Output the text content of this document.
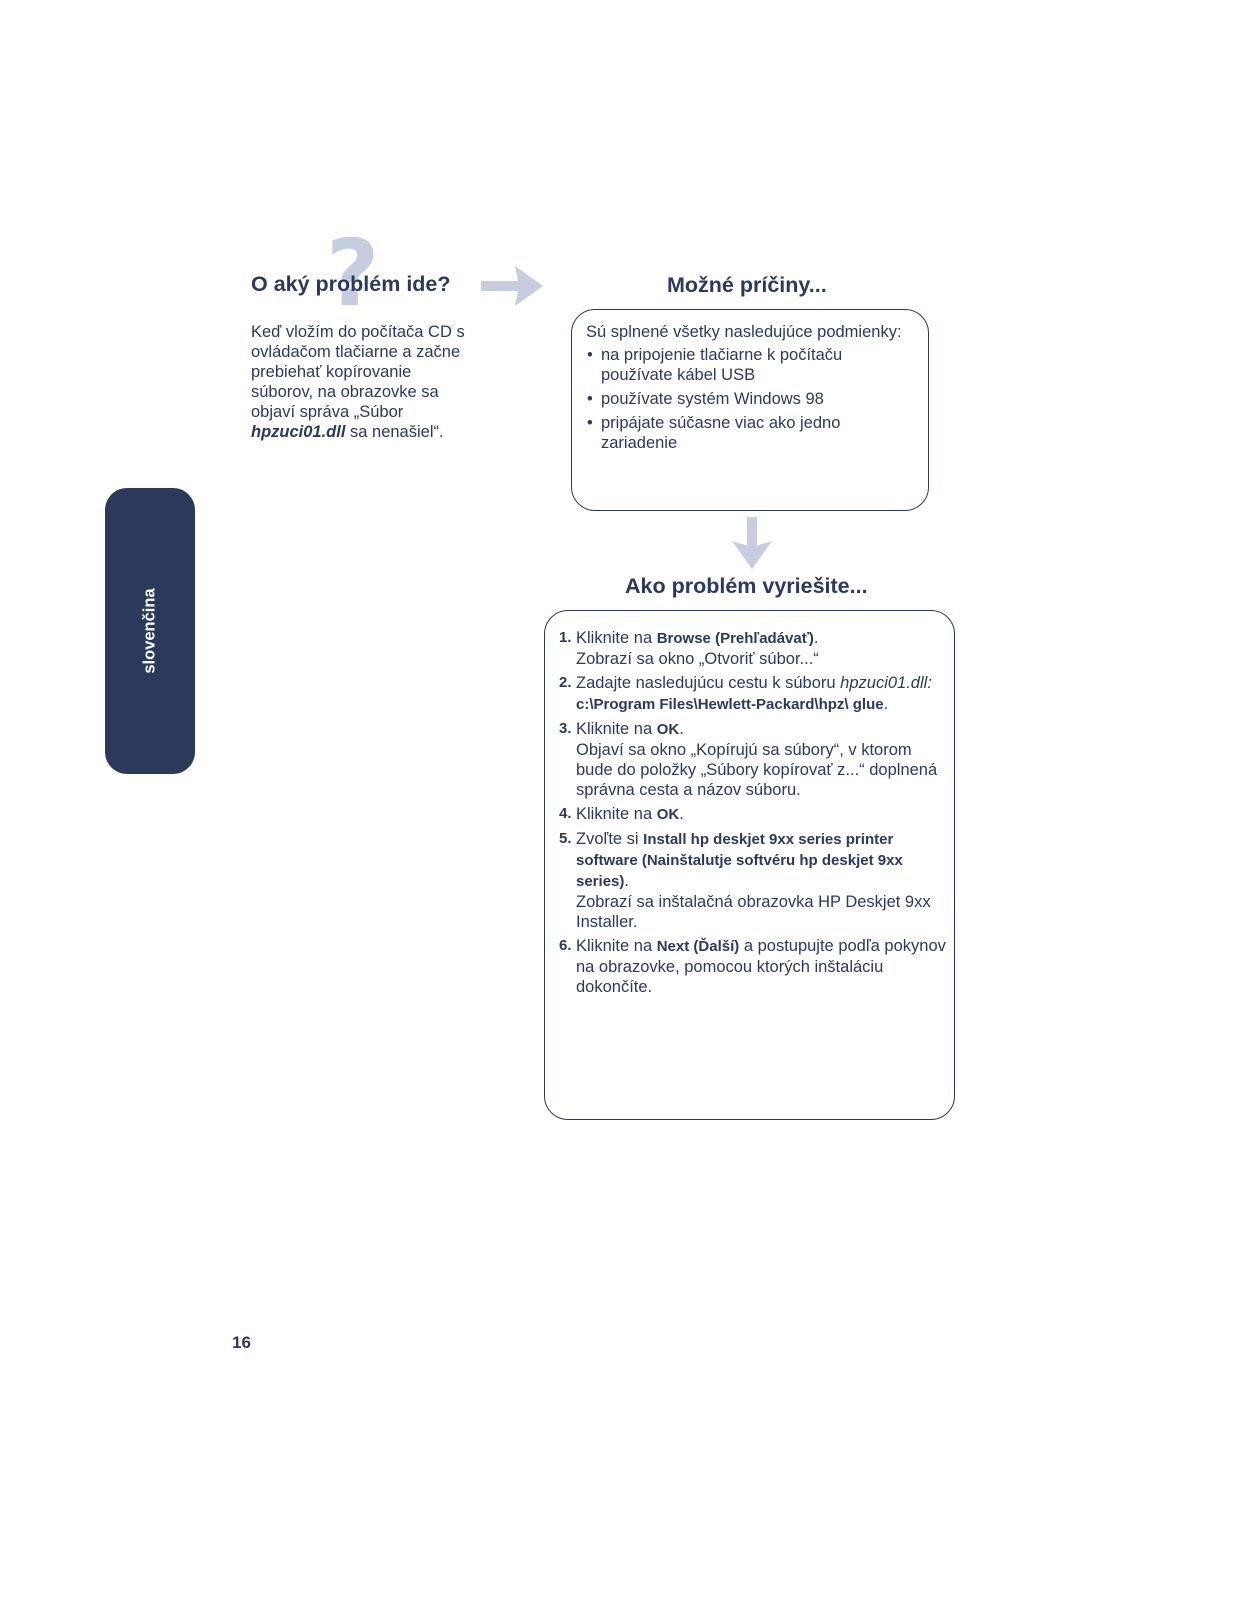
?
O aký problém ide?

Keď vložím do počítača CD s ovládačom tlačiarne a začne prebiehať kopírovanie súborov, na obrazovke sa objaví správa „Súbor hpzuci01.dll sa nenašiel“.

Možné príčiny...

Sú splnené všetky nasledujúce podmienky:

• na pripojenie tlačiarne k počítaču používate kábel USB
• používate systém Windows 98
• pripájate súčasne viac ako jedno zariadenie
Ako problém vyriešite...
1. Kliknite na Browse (Prehľadávať).
Zobrazí sa okno „Otvoriť súbor...“
2. Zadajte nasledujúcu cestu k súboru hpzuci01.dll: c:\Program Files\Hewlett-Packard\hpz\ glue.
3. Kliknite na OK.
Objaví sa okno „Kopírujú sa súbory“, v ktorom bude do položky „Súbory kopírovať z...“ doplnená správna cesta a názov súboru.
4. Kliknite na OK.
5. Zvoľte si Install hp deskjet 9xx series printer software (Nainštalutje softvéru hp deskjet 9xx series).
Zobrazí sa inštalačná obrazovka HP Deskjet 9xx Installer.
6. Kliknite na Next (Ďalší) a postupujte podľa pokynov na obrazovke, pomocou ktorých inštaláciu dokončíte.
slovenčina
16
